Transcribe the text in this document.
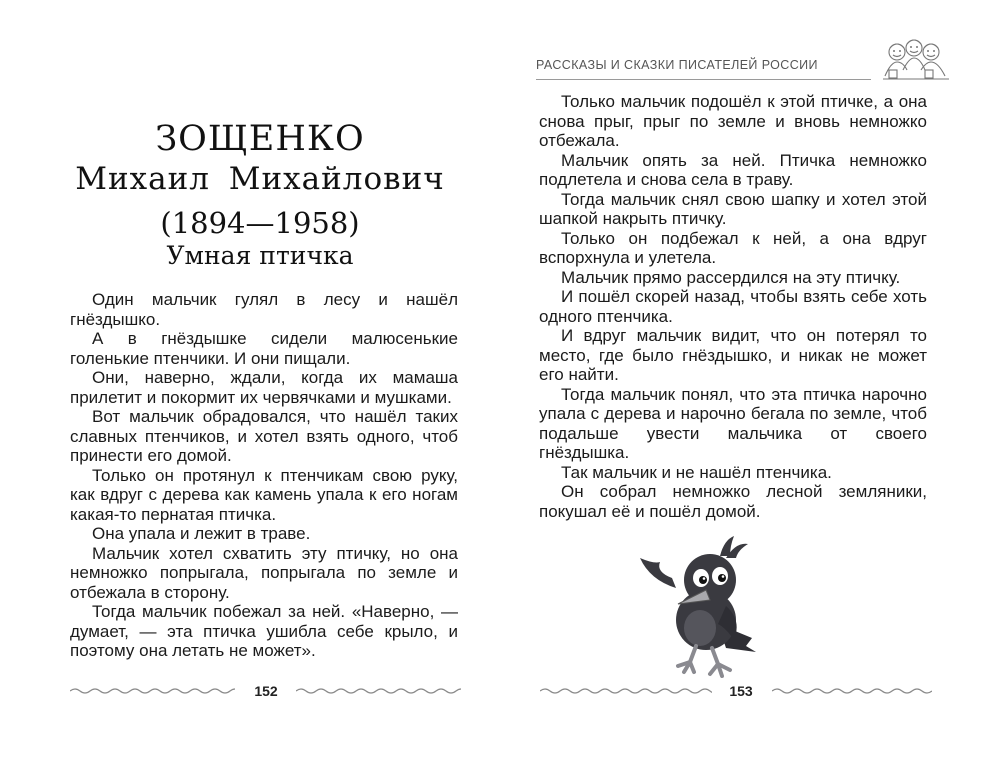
ЗОЩЕНКО
Михаил Михайлович
(1894—1958)
Умная птичка

Один мальчик гулял в лесу и нашёл гнёздышко.

А в гнёздышке сидели малюсенькие голенькие птенчики. И они пищали.

Они, наверно, ждали, когда их мамаша прилетит и покормит их червячками и мушками.

Вот мальчик обрадовался, что нашёл таких славных птенчиков, и хотел взять одного, чтоб принести его домой.

Только он протянул к птенчикам свою руку, как вдруг с дерева как камень упала к его ногам какая-то пернатая птичка.

Она упала и лежит в траве.

Мальчик хотел схватить эту птичку, но она немножко попрыгала, попрыгала по земле и отбежала в сторону.

Тогда мальчик побежал за ней. «Наверно, — думает, — эта птичка ушибла себе крыло, и поэтому она летать не может».

152
РАССКАЗЫ И СКАЗКИ ПИСАТЕЛЕЙ РОССИИ

Только мальчик подошёл к этой птичке, а она снова прыг, прыг по земле и вновь немножко отбежала.

Мальчик опять за ней. Птичка немножко подлетела и снова села в траву.

Тогда мальчик снял свою шапку и хотел этой шапкой накрыть птичку.

Только он подбежал к ней, а она вдруг вспорхнула и улетела.

Мальчик прямо рассердился на эту птичку.

И пошёл скорей назад, чтобы взять себе хоть одного птенчика.

И вдруг мальчик видит, что он потерял то место, где было гнёздышко, и никак не может его найти.

Тогда мальчик понял, что эта птичка нарочно упала с дерева и нарочно бегала по земле, чтоб подальше увести мальчика от своего гнёздышка.

Так мальчик и не нашёл птенчика.

Он собрал немножко лесной земляники, покушал её и пошёл домой.

153
